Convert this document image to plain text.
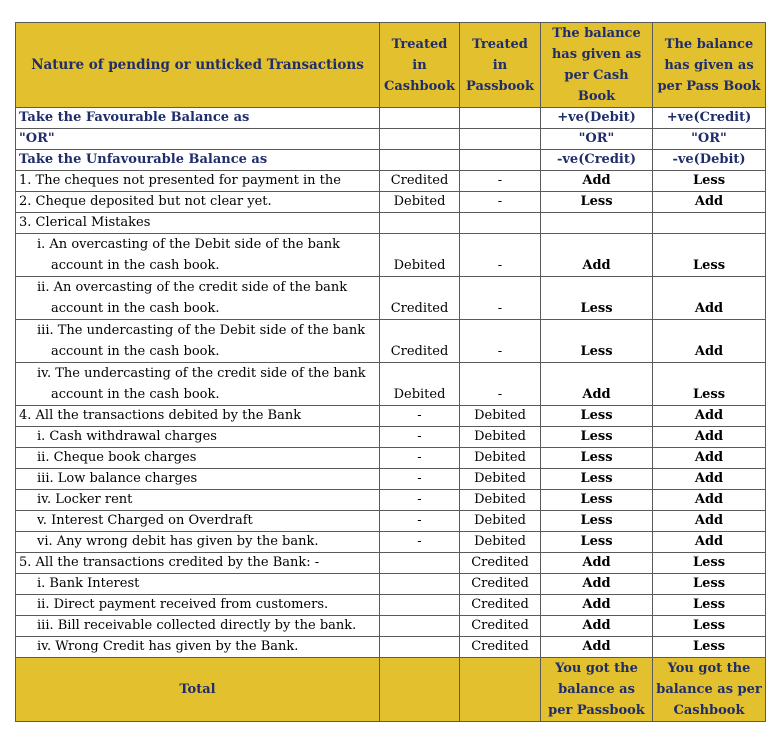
Nature of pending or unticked Transactions	Treated in Cashbook	Treated in Passbook	The balance has given as per Cash Book	The balance has given as per Pass Book
Take the Favourable Balance as			+ve(Debit)	+ve(Credit)
"OR"			"OR"	"OR"
Take the Unfavourable Balance as			-ve(Credit)	-ve(Debit)
1. The cheques not presented for payment in the	Credited	-	Add	Less
2. Cheque deposited but not clear yet.	Debited	-	Less	Add
3. Clerical Mistakes				
i. An overcasting of the Debit side of the bank account in the cash book.	Debited	-	Add	Less
ii. An overcasting of the credit side of the bank account in the cash book.	Credited	-	Less	Add
iii. The undercasting of the Debit side of the bank account in the cash book.	Credited	-	Less	Add
iv. The undercasting of the credit side of the bank account in the cash book.	Debited	-	Add	Less
4. All the transactions debited by the Bank	-	Debited	Less	Add
i. Cash withdrawal charges	-	Debited	Less	Add
ii. Cheque book charges	-	Debited	Less	Add
iii. Low balance charges	-	Debited	Less	Add
iv. Locker rent	-	Debited	Less	Add
v. Interest Charged on Overdraft	-	Debited	Less	Add
vi. Any wrong debit has given by the bank.	-	Debited	Less	Add
5. All the transactions credited by the Bank: -		Credited	Add	Less
i. Bank Interest		Credited	Add	Less
ii. Direct payment received from customers.		Credited	Add	Less
iii. Bill receivable collected directly by the bank.		Credited	Add	Less
iv. Wrong Credit has given by the Bank.		Credited	Add	Less
Total			You got the balance as per Passbook	You got the balance as per Cashbook
